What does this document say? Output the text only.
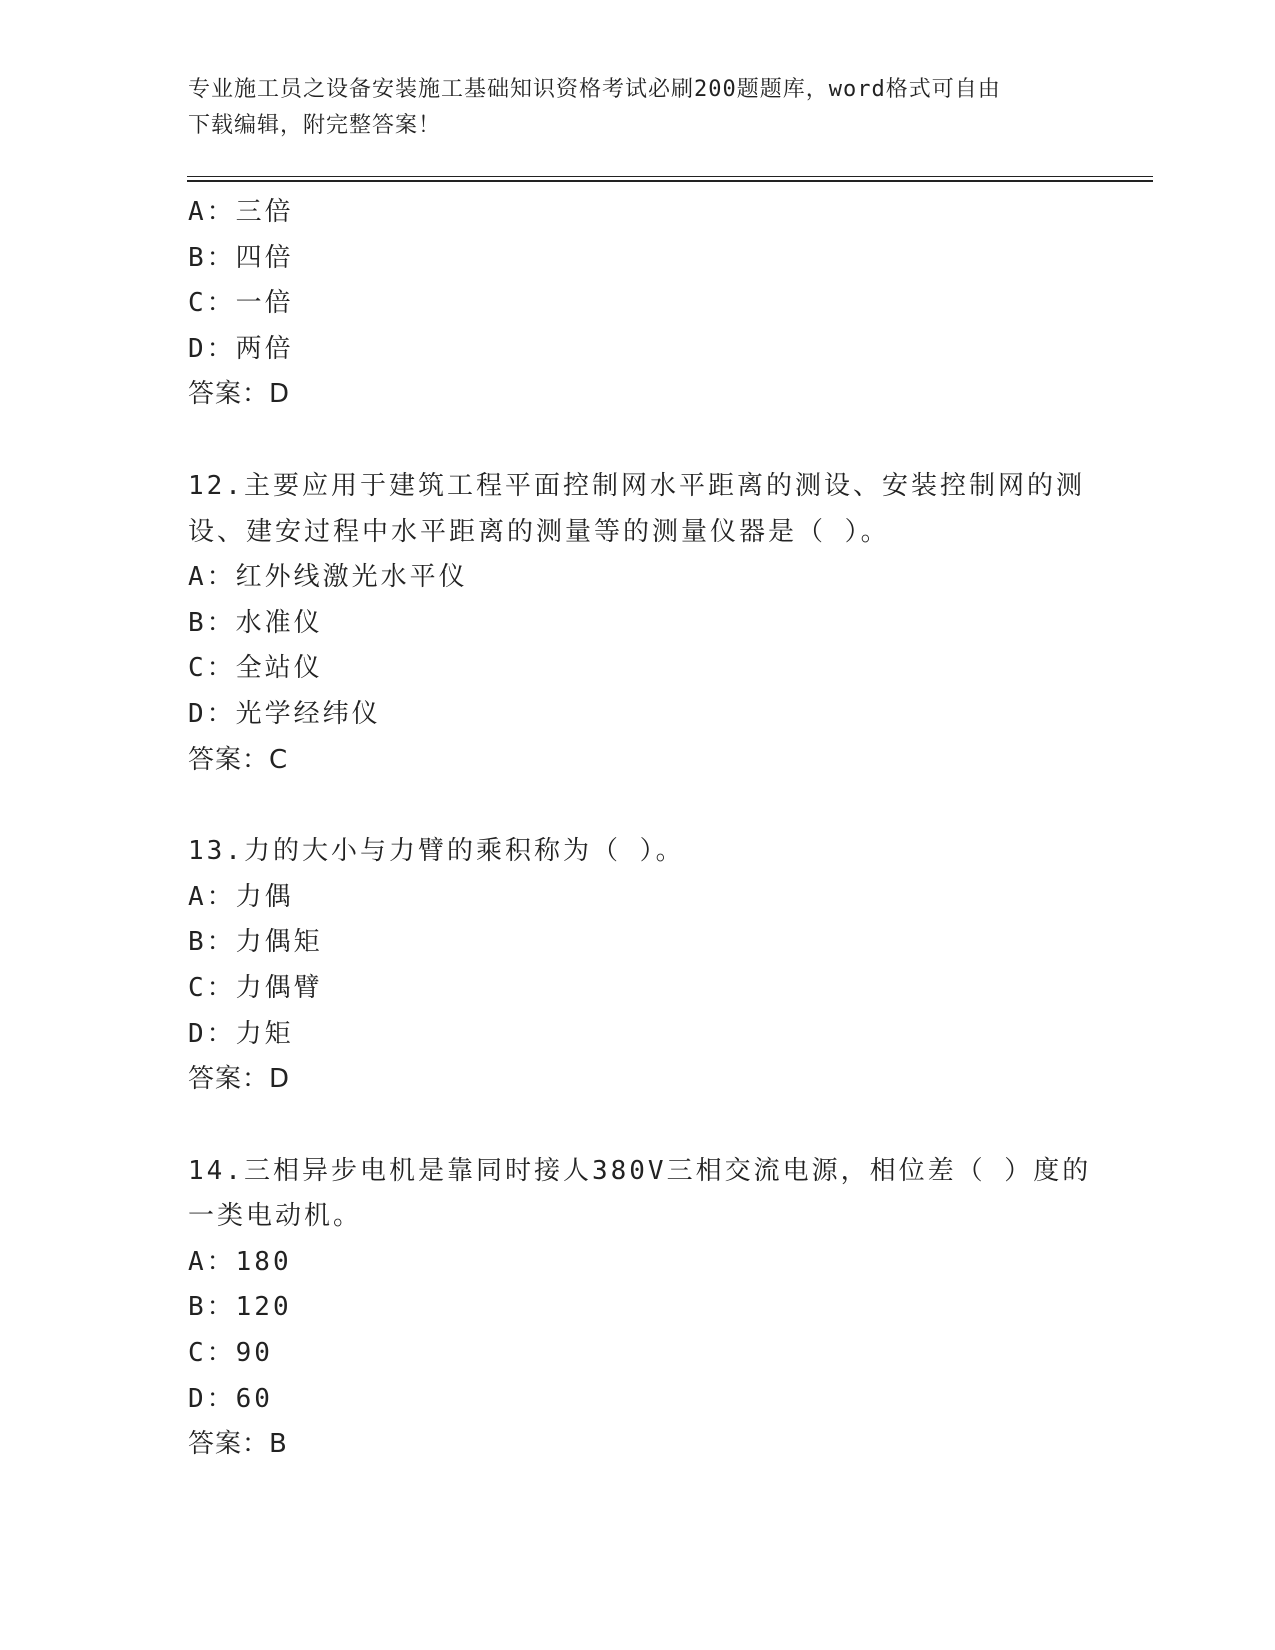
专业施工员之设备安装施工基础知识资格考试必刷200题题库，word格式可自由
下载编辑，附完整答案！
A：三倍
B：四倍
C：一倍
D：两倍
答案：D
12.主要应用于建筑工程平面控制网水平距离的测设、安装控制网的测
设、建安过程中水平距离的测量等的测量仪器是（ ）。
A：红外线激光水平仪
B：水准仪
C：全站仪
D：光学经纬仪
答案：C
13.力的大小与力臂的乘积称为（ ）。
A：力偶
B：力偶矩
C：力偶臂
D：力矩
答案：D
14.三相异步电机是靠同时接人380V三相交流电源，相位差（ ）度的
一类电动机。
A：180
B：120
C：90
D：60
答案：B
